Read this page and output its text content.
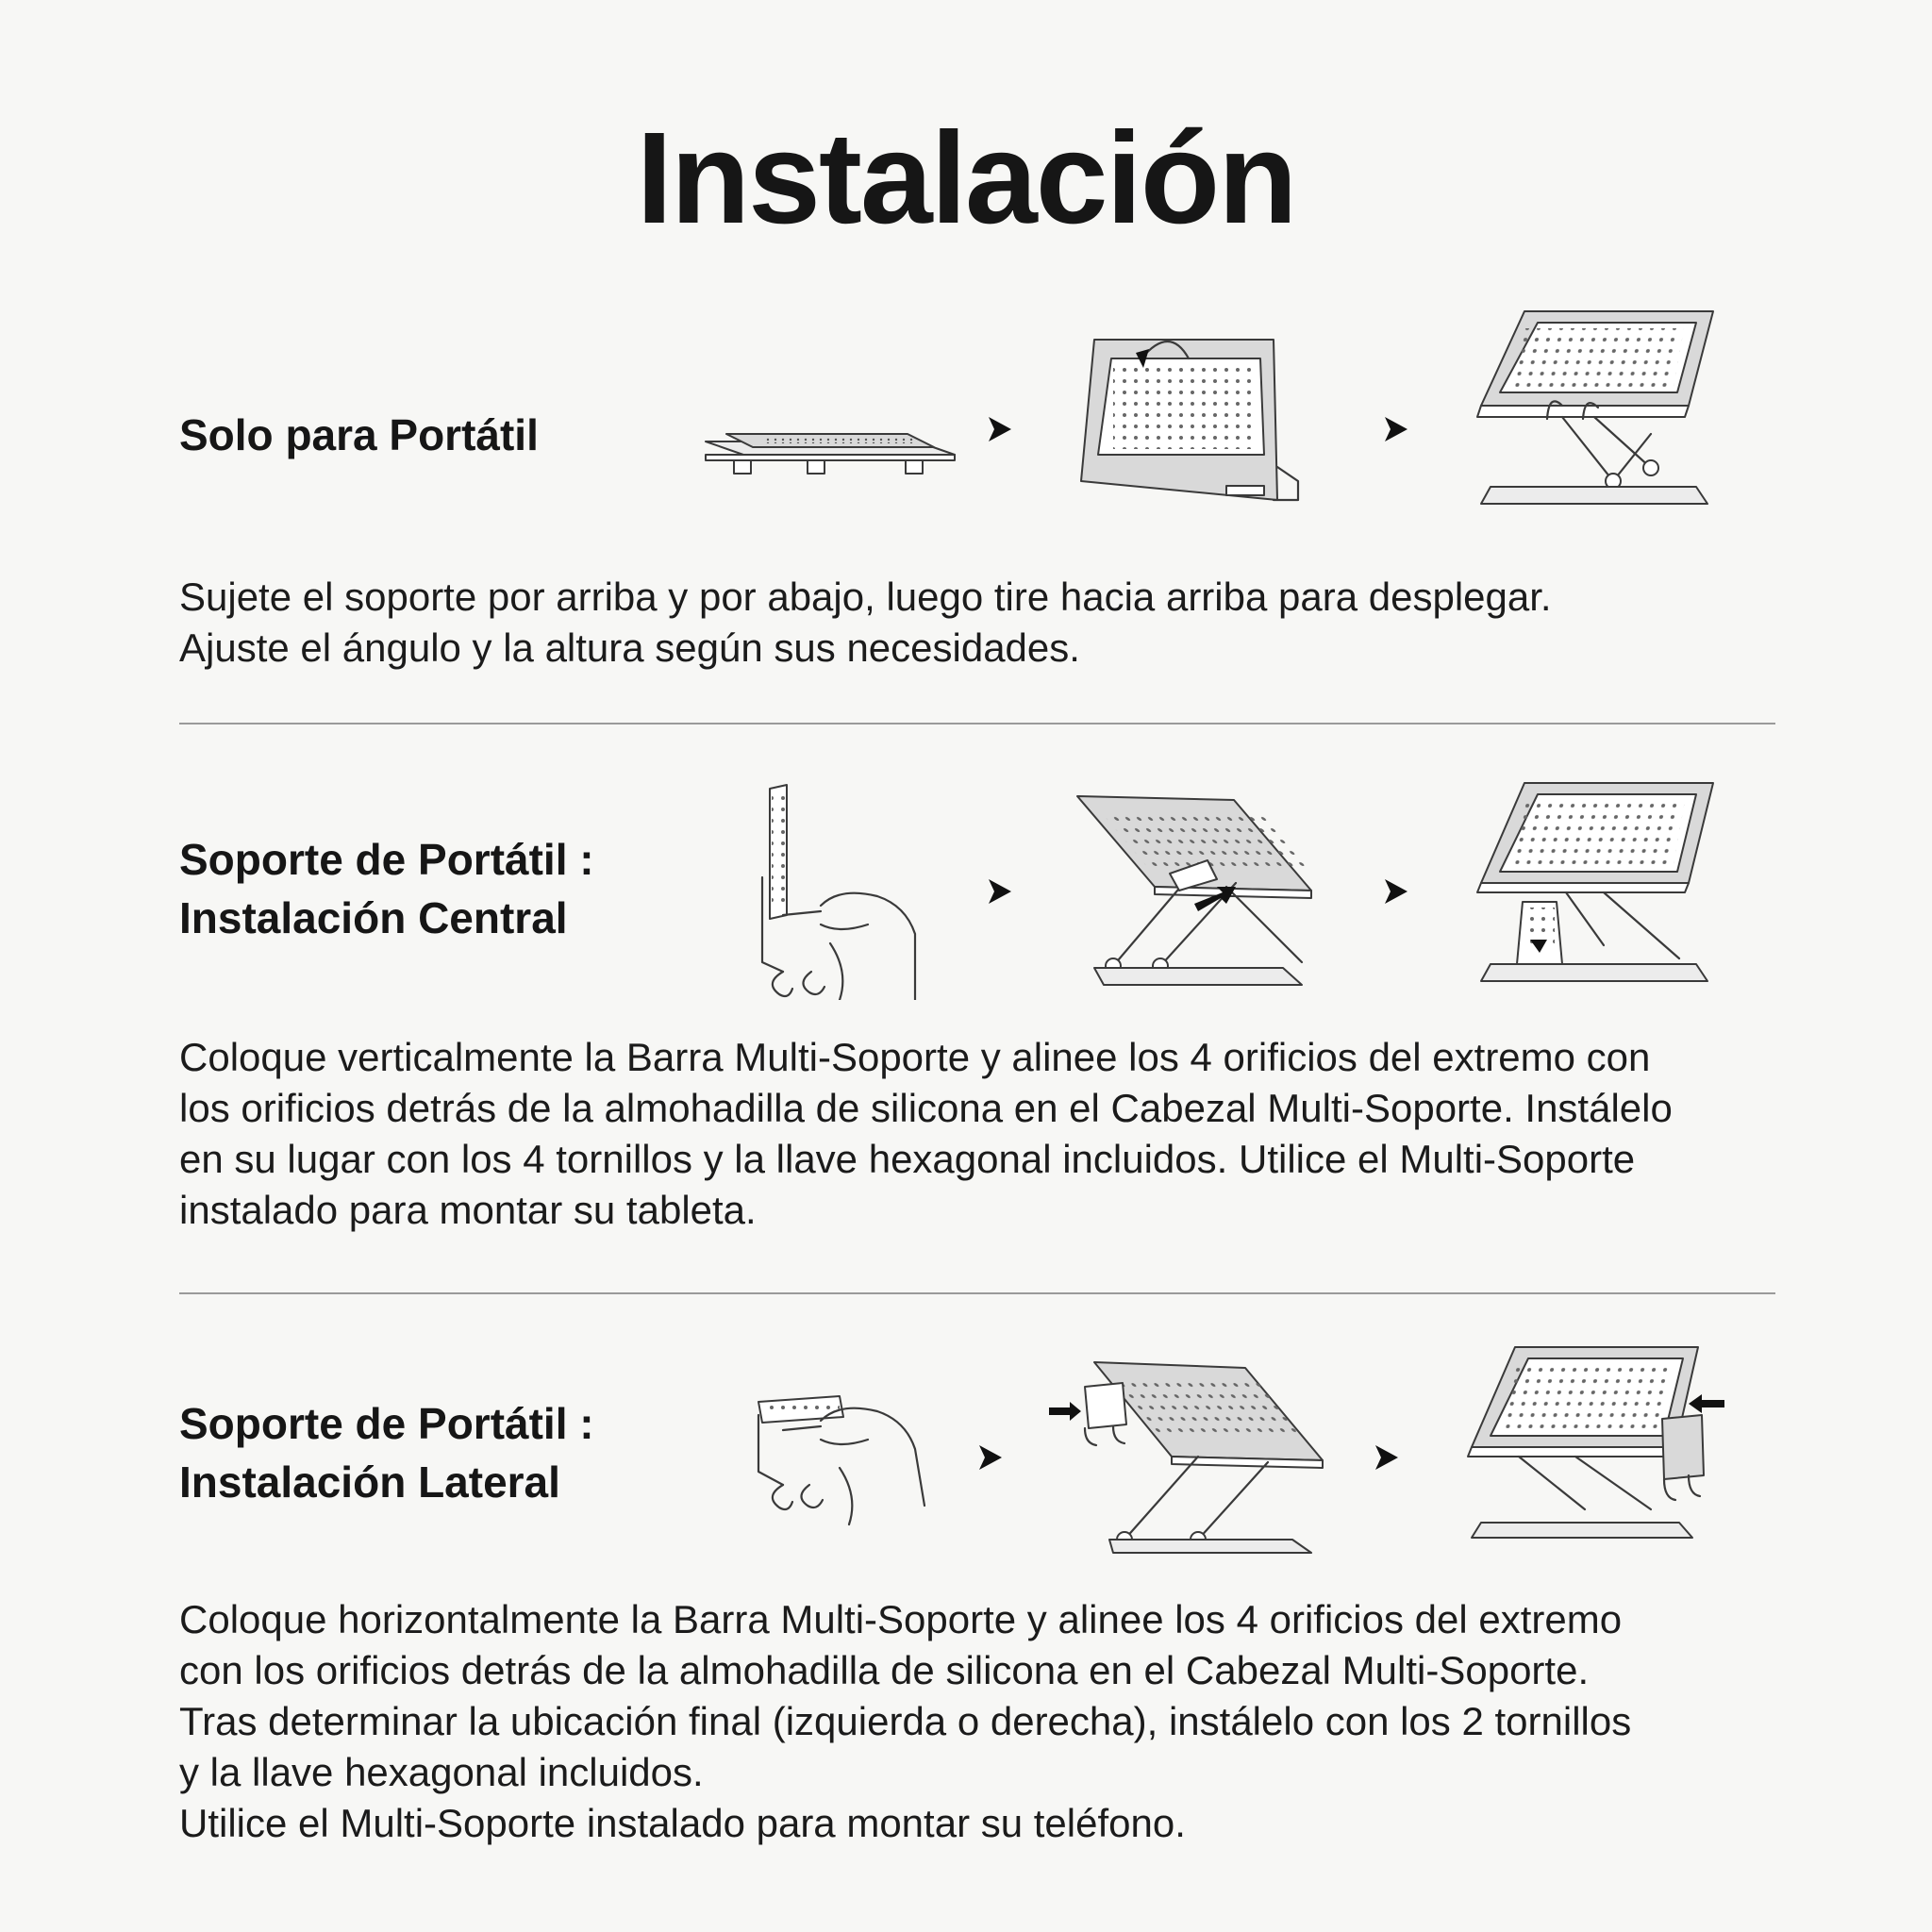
Instalación
Solo para Portátil
Sujete el soporte por arriba y por abajo, luego tire hacia arriba para desplegar.
Ajuste el ángulo y la altura según sus necesidades.
Soporte de Portátil :
Instalación Central
Coloque verticalmente la Barra Multi-Soporte y alinee los 4 orificios del extremo con
los orificios detrás de la almohadilla de silicona en el Cabezal Multi-Soporte. Instálelo
en su lugar con los 4 tornillos y la llave hexagonal incluidos. Utilice el Multi-Soporte
instalado para montar su tableta.
Soporte de Portátil :
Instalación Lateral
Coloque horizontalmente la Barra Multi-Soporte y alinee los 4 orificios del extremo
con los orificios detrás de la almohadilla de silicona en el Cabezal Multi-Soporte.
Tras determinar la ubicación final (izquierda o derecha), instálelo con los 2 tornillos
y la llave hexagonal incluidos.
Utilice el Multi-Soporte instalado para montar su teléfono.
